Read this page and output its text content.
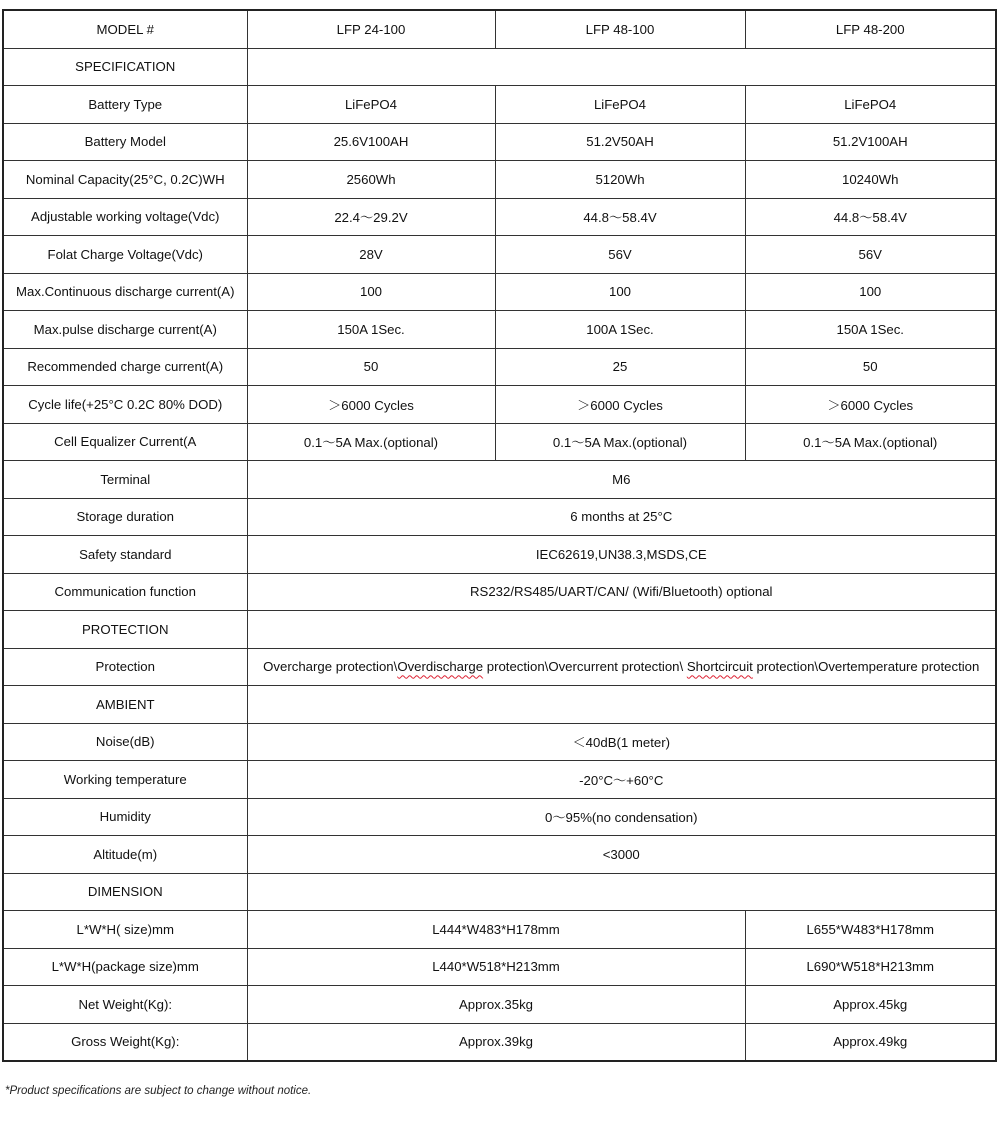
MODEL #	LFP 24-100	LFP 48-100	LFP 48-200
SPECIFICATION			
Battery Type	LiFePO4	LiFePO4	LiFePO4
Battery Model	25.6V100AH	51.2V50AH	51.2V100AH
Nominal Capacity(25°C, 0.2C)WH	2560Wh	5120Wh	10240Wh
Adjustable working voltage(Vdc)	22.4～29.2V	44.8～58.4V	44.8～58.4V
Folat Charge Voltage(Vdc)	28V	56V	56V
Max.Continuous discharge current(A)	100	100	100
Max.pulse discharge current(A)	150A 1Sec.	100A 1Sec.	150A 1Sec.
Recommended charge current(A)	50	25	50
Cycle life(+25°C 0.2C 80% DOD)	＞6000 Cycles	＞6000 Cycles	＞6000 Cycles
Cell Equalizer Current(A	0.1～5A Max.(optional)	0.1～5A Max.(optional)	0.1～5A Max.(optional)
Terminal	M6		
Storage duration	6 months at 25°C		
Safety standard	IEC62619,UN38.3,MSDS,CE		
Communication function	RS232/RS485/UART/CAN/ (Wifi/Bluetooth) optional		
PROTECTION			
Protection	Overcharge protection\Overdischarge protection\Overcurrent protection\ Shortcircuit protection\Overtemperature protection		
AMBIENT			
Noise(dB)	＜40dB(1 meter)		
Working temperature	-20°C～+60°C		
Humidity	0～95%(no condensation)		
Altitude(m)	<3000		
DIMENSION			
L*W*H( size)mm	L444*W483*H178mm		L655*W483*H178mm
L*W*H(package size)mm	L440*W518*H213mm		L690*W518*H213mm
Net Weight(Kg):	Approx.35kg		Approx.45kg
Gross Weight(Kg):	Approx.39kg		Approx.49kg
*Product specifications are subject to change without notice.
